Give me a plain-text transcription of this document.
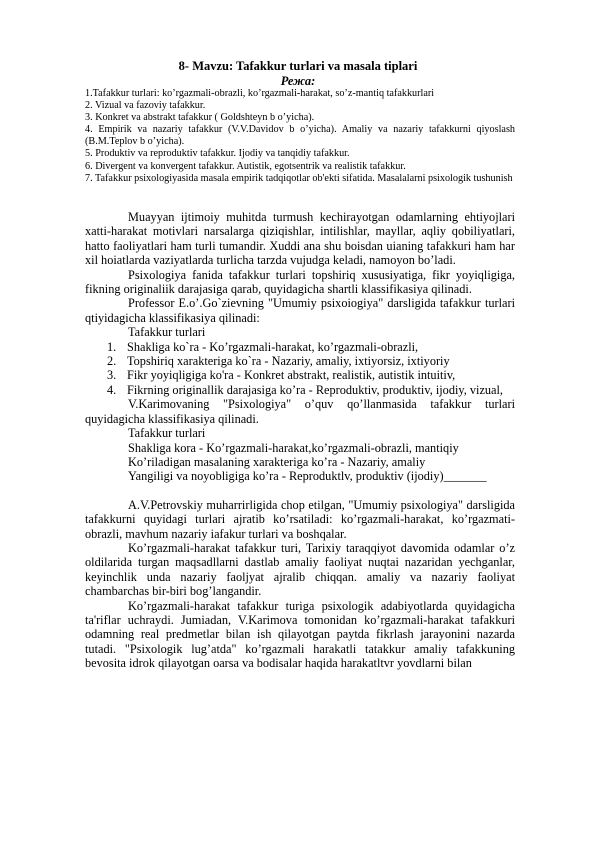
8- Mavzu: Tafakkur turlari va masala tiplari
Режа:
1.Tafakkur turlari: ko’rgazmali-obrazli, ko’rgazmali-harakat, so’z-mantiq tafakkurlari
2. Vizual va fazoviy tafakkur.
3. Konkret va abstrakt tafakkur ( Goldshteyn b o’yicha).
4. Empirik va nazariy tafakkur (V.V.Davidov b o’yicha). Amaliy va nazariy tafakkurni qiyoslash (B.M.Teplov b o’yicha).
5. Produktiv va reproduktiv tafakkur. Ijodiy va tanqidiy tafakkur.
6. Divergent va konvergent tafakkur. Autistik, egotsentrik va realistik tafakkur.
7. Tafakkur psixologiyasida masala empirik tadqiqotlar ob'ekti sifatida. Masalalarni psixologik tushunish

Muayyan ijtimoiy muhitda turmush kechirayotgan odamlarning ehtiyojlari xatti-harakat motivlari narsalarga qiziqishlar, intilishlar, mayllar, aqliy qobiliyatlari, hatto faoliyatlari ham turli tumandir. Xuddi ana shu boisdan uianing tafakkuri ham har xil hoiatlarda vaziyatlarda turlicha tarzda vujudga keladi, namoyon bo’ladi.

Psixologiya fanida tafakkur turlari topshiriq xususiyatiga, fikr yoyiqligiga, fikning originaliik darajasiga qarab, quyidagicha shartli klassifikasiya qilinadi.

Professor E.o’.Go`zievning "Umumiy psixoiogiya" darsligida tafakkur turlari qtiyidagicha klassifikasiya qilinadi:

Tafakkur turlari
1. Shakliga ko`ra - Ko’rgazmali-harakat, ko’rgazmali-obrazli,
2. Topshiriq xarakteriga ko`ra - Nazariy, amaliy, ixtiyorsiz, ixtiyoriy
3. Fikr yoyiqligiga ko'ra - Konkret abstrakt, realistik, autistik intuitiv,
4. Fikrning originallik darajasiga ko’ra - Reproduktiv, produktiv, ijodiy, vizual,

V.Karimovaning "Psixologiya" o’quv qo’llanmasida tafakkur turlari quyidagicha klassifikasiya qilinadi.

Tafakkur turlari
Shakliga kora - Ko’rgazmali-harakat,ko’rgazmali-obrazli, mantiqiy
Ko’riladigan masalaning xarakteriga ko’ra - Nazariy, amaliy
Yangiligi va noyobligiga ko’ra - Reproduktlv, produktiv (ijodiy)_______

A.V.Petrovskiy muharrirligida chop etilgan, "Umumiy psixologiya" darsligida tafakkurni quyidagi turlari ajratib ko’rsatiladi: ko’rgazmali-harakat, ko’rgazmati-obrazli, mavhum nazariy iafakur turlari va boshqalar.

Ko’rgazmali-harakat tafakkur turi, Tarixiy taraqqiyot davomida odamlar o’z oldilarida turgan maqsadllarni dastlab amaliy faoliyat nuqtai nazaridan yechganlar, keyinchlik unda nazariy faoljyat ajralib chiqqan. amaliy va nazariy faoliyat chambarchas bir-biri bog’langandir.

Ko’rgazmali-harakat tafakkur turiga psixologik adabiyotlarda quyidagicha ta'riflar uchraydi. Jumiadan, V.Karimova tomonidan ko’rgazmali-harakat tafakkuri odamning real predmetlar bilan ish qilayotgan paytda fikrlash jarayonini nazarda tutadi. "Psixologik lug’atda" ko’rgazmali harakatli tatakkur amaliy tafakkuning bevosita idrok qilayotgan oarsa va bodisalar haqida harakatltvr yovdlarni bilan
